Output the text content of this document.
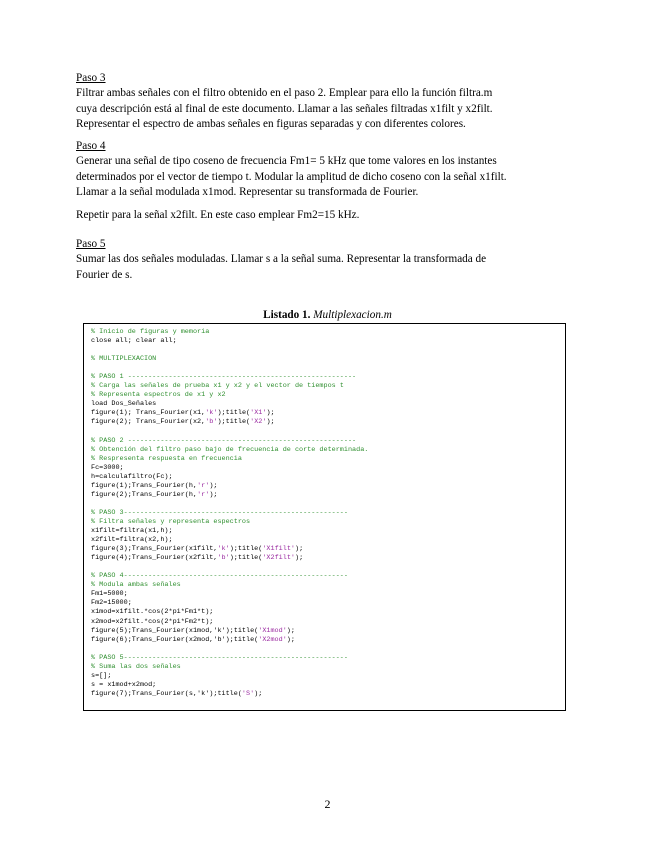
Paso 3

Filtrar ambas señales con el filtro obtenido en el paso 2. Emplear para ello la función filtra.m
cuya descripción está al final de este documento. Llamar a las señales filtradas x1filt y x2filt.
Representar el espectro de ambas señales en figuras separadas y con diferentes colores.

Paso 4

Generar una señal de tipo coseno de frecuencia Fm1= 5 kHz que tome valores en los instantes
determinados por el vector de tiempo t. Modular la amplitud de dicho coseno con la señal x1filt.
Llamar a la señal modulada x1mod. Representar su transformada de Fourier.

Repetir para la señal x2filt. En este caso emplear Fm2=15 kHz.

Paso 5

Sumar las dos señales moduladas. Llamar s a la señal suma. Representar la transformada de
Fourier de s.

Listado 1. Multiplexacion.m
% Inicio de figuras y memoria
close all; clear all;
% MULTIPLEXACION
% PASO 1 --------------------------------------------------------
% Carga las señales de prueba x1 y x2 y el vector de tiempos t
% Representa espectros de x1 y x2
load Dos_Señales
figure(1); Trans_Fourier(x1,'k');title('X1');
figure(2); Trans_Fourier(x2,'b');title('X2');
% PASO 2 --------------------------------------------------------
% Obtención del filtro paso bajo de frecuencia de corte determinada.
% Respresenta respuesta en frecuencia
Fc=3000;
h=calculafiltro(Fc);
figure(1);Trans_Fourier(h,'r');
figure(2);Trans_Fourier(h,'r');
% PASO 3-------------------------------------------------------
% Filtra señales y representa espectros
x1filt=filtra(x1,h);
x2filt=filtra(x2,h);
figure(3);Trans_Fourier(x1filt,'k');title('X1filt');
figure(4);Trans_Fourier(x2filt,'b');title('X2filt');
% PASO 4-------------------------------------------------------
% Modula ambas señales
Fm1=5000;
Fm2=15000;
x1mod=x1filt.*cos(2*pi*Fm1*t);
x2mod=x2filt.*cos(2*pi*Fm2*t);
figure(5);Trans_Fourier(x1mod,'k');title('X1mod');
figure(6);Trans_Fourier(x2mod,'b');title('X2mod');
% PASO 5-------------------------------------------------------
% Suma las dos señales
s=[];
s = x1mod+x2mod;
figure(7);Trans_Fourier(s,'k');title('S');
2
